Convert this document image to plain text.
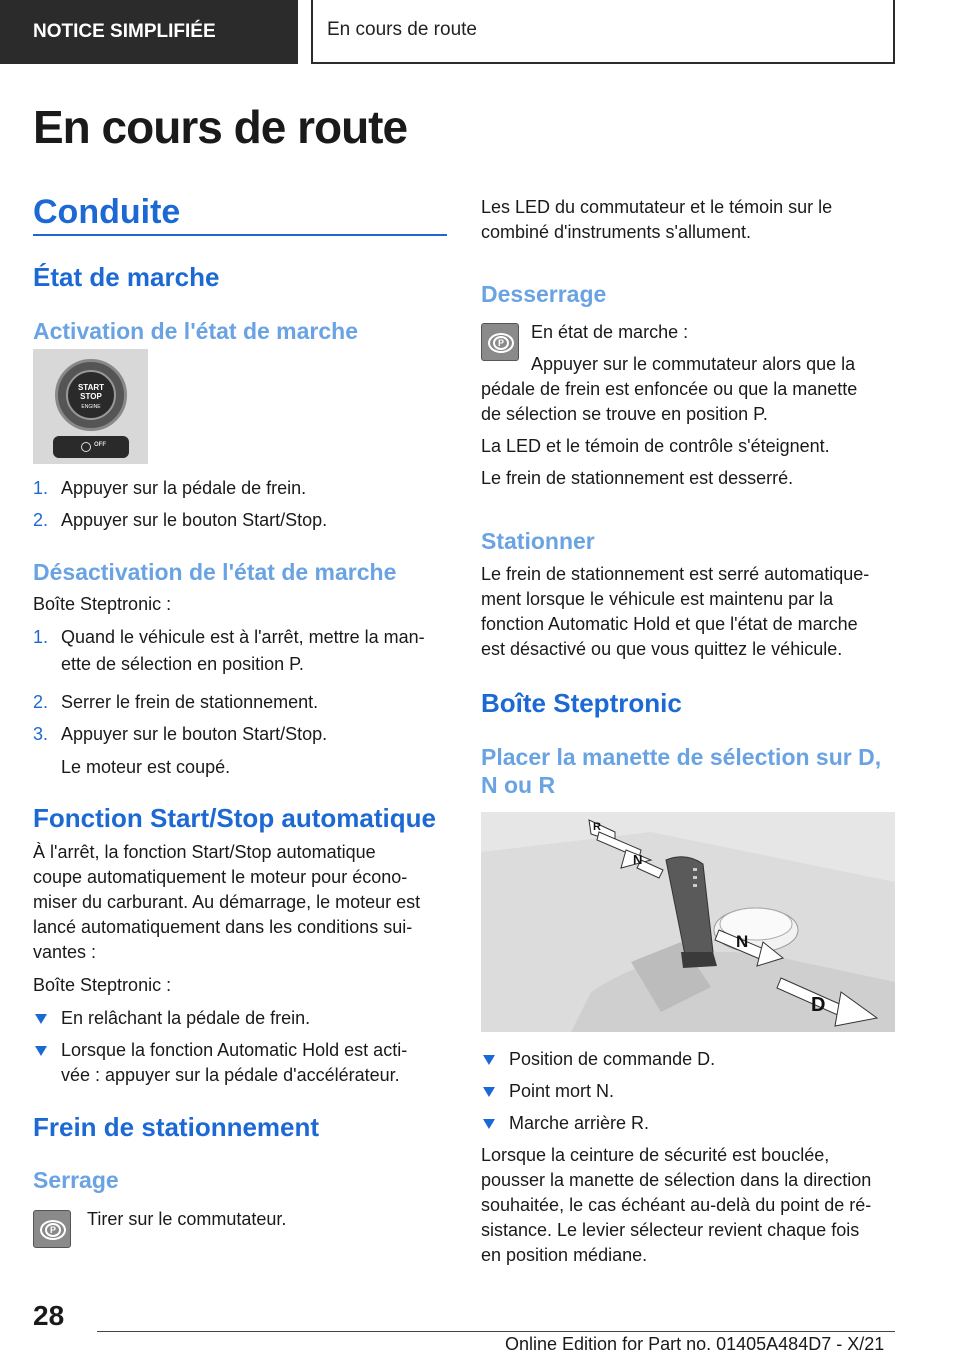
NOTICE SIMPLIFIÉE	En cours de route
En cours de route
Conduite
État de marche
Activation de l'état de marche
START
STOP
ENGINE
OFF
1. Appuyer sur la pédale de frein.
2. Appuyer sur le bouton Start/Stop.
Désactivation de l'état de marche
Boîte Steptronic :
1. Quand le véhicule est à l'arrêt, mettre la man-
ette de sélection en position P.
2. Serrer le frein de stationnement.
3. Appuyer sur le bouton Start/Stop.
Le moteur est coupé.
Fonction Start/Stop automatique
À l'arrêt, la fonction Start/Stop automatique
coupe automatiquement le moteur pour écono-
miser du carburant. Au démarrage, le moteur est
lancé automatiquement dans les conditions sui-
vantes :
Boîte Steptronic :
En relâchant la pédale de frein.
Lorsque la fonction Automatic Hold est acti-
vée : appuyer sur la pédale d'accélérateur.
Frein de stationnement
Serrage
P
Tirer sur le commutateur.
Les LED du commutateur et le témoin sur le
combiné d'instruments s'allument.
Desserrage
P
En état de marche :
Appuyer sur le commutateur alors que la
pédale de frein est enfoncée ou que la manette
de sélection se trouve en position P.
La LED et le témoin de contrôle s'éteignent.
Le frein de stationnement est desserré.
Stationner
Le frein de stationnement est serré automatique-
ment lorsque le véhicule est maintenu par la
fonction Automatic Hold et que l'état de marche
est désactivé ou que vous quittez le véhicule.
Boîte Steptronic
Placer la manette de sélection sur D,
N ou R
R
N
N
D
Position de commande D.
Point mort N.
Marche arrière R.
Lorsque la ceinture de sécurité est bouclée,
pousser la manette de sélection dans la direction
souhaitée, le cas échéant au-delà du point de ré-
sistance. Le levier sélecteur revient chaque fois
en position médiane.
28
Online Edition for Part no. 01405A484D7 - X/21
